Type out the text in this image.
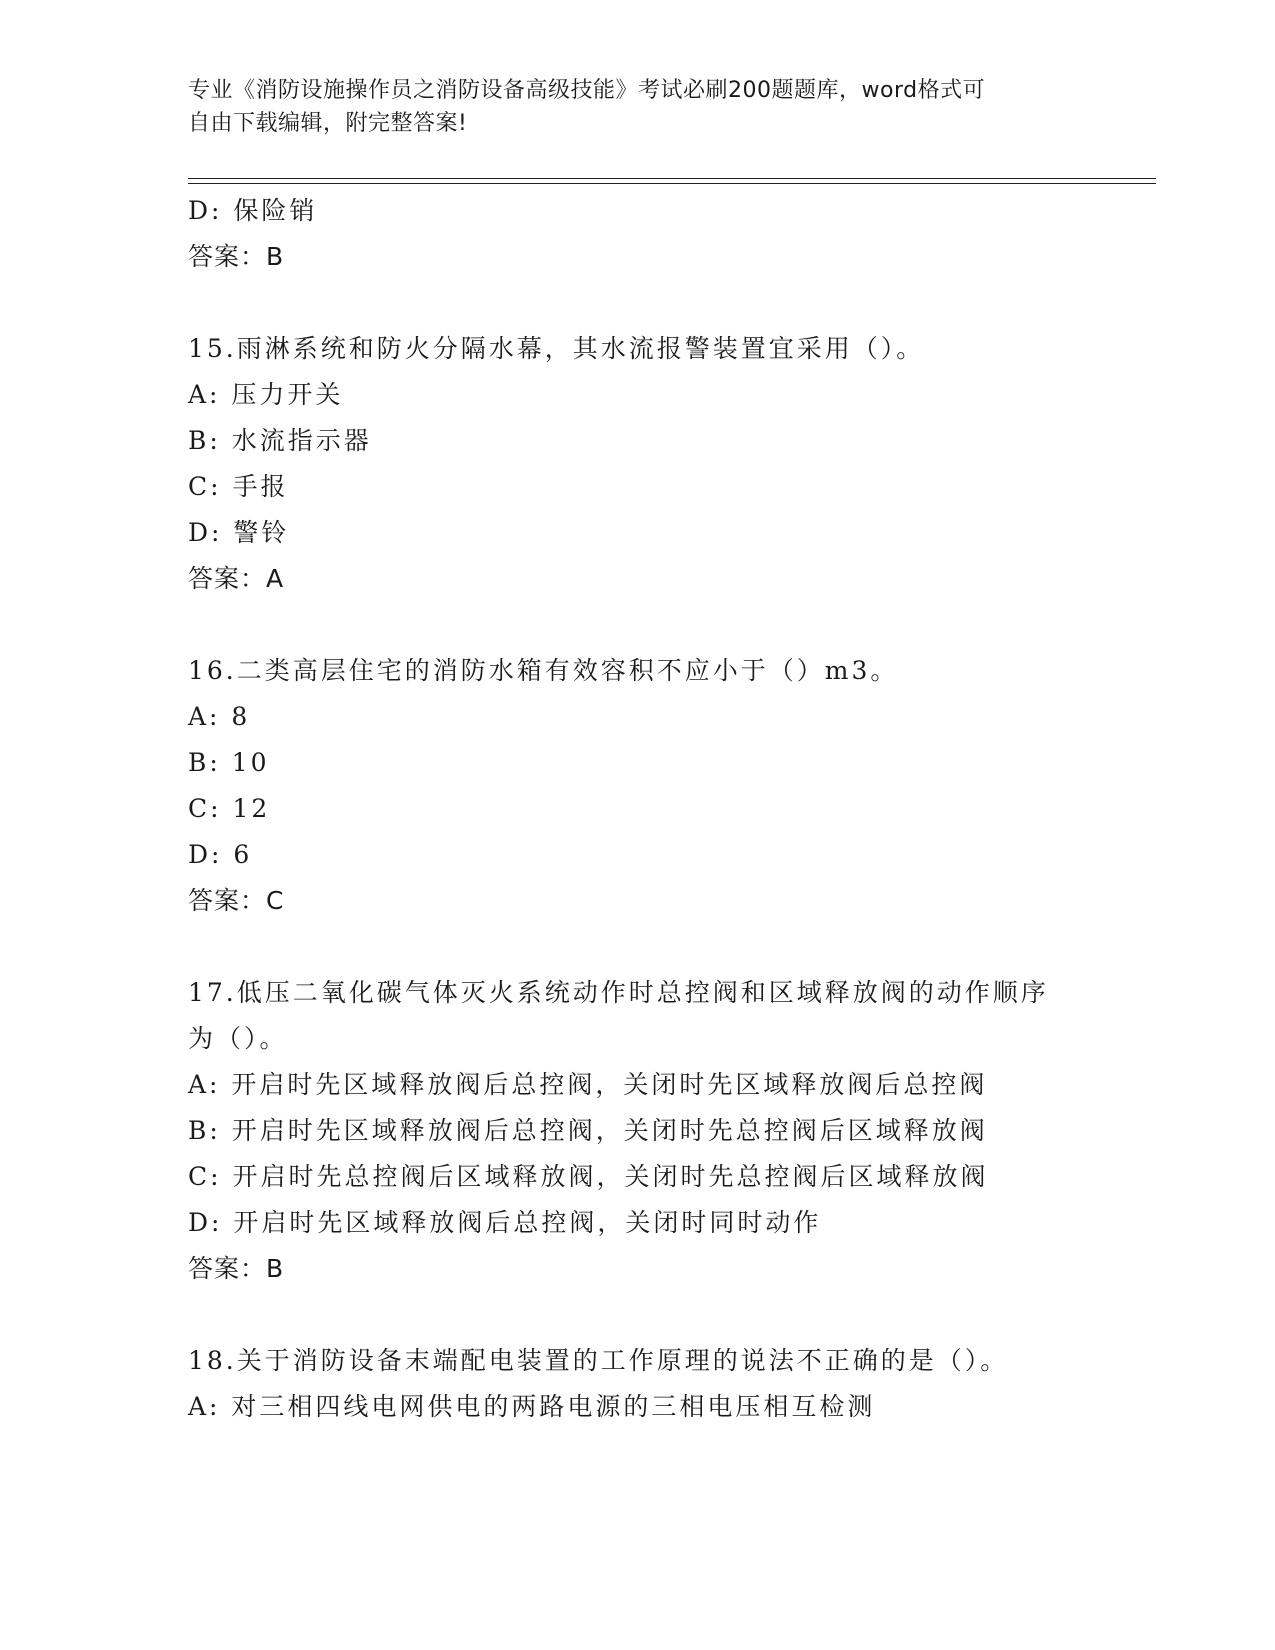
专业《消防设施操作员之消防设备高级技能》考试必刷200题题库，word格式可
自由下载编辑，附完整答案!
D: 保险销
答案：B
15.雨淋系统和防火分隔水幕，其水流报警装置宜采用（）。
A: 压力开关
B: 水流指示器
C: 手报
D: 警铃
答案：A
16.二类高层住宅的消防水箱有效容积不应小于（）m3。
A: 8
B: 10
C: 12
D: 6
答案：C
17.低压二氧化碳气体灭火系统动作时总控阀和区域释放阀的动作顺序
为（）。
A: 开启时先区域释放阀后总控阀，关闭时先区域释放阀后总控阀
B: 开启时先区域释放阀后总控阀，关闭时先总控阀后区域释放阀
C: 开启时先总控阀后区域释放阀，关闭时先总控阀后区域释放阀
D: 开启时先区域释放阀后总控阀，关闭时同时动作
答案：B
18.关于消防设备末端配电装置的工作原理的说法不正确的是（）。
A: 对三相四线电网供电的两路电源的三相电压相互检测
